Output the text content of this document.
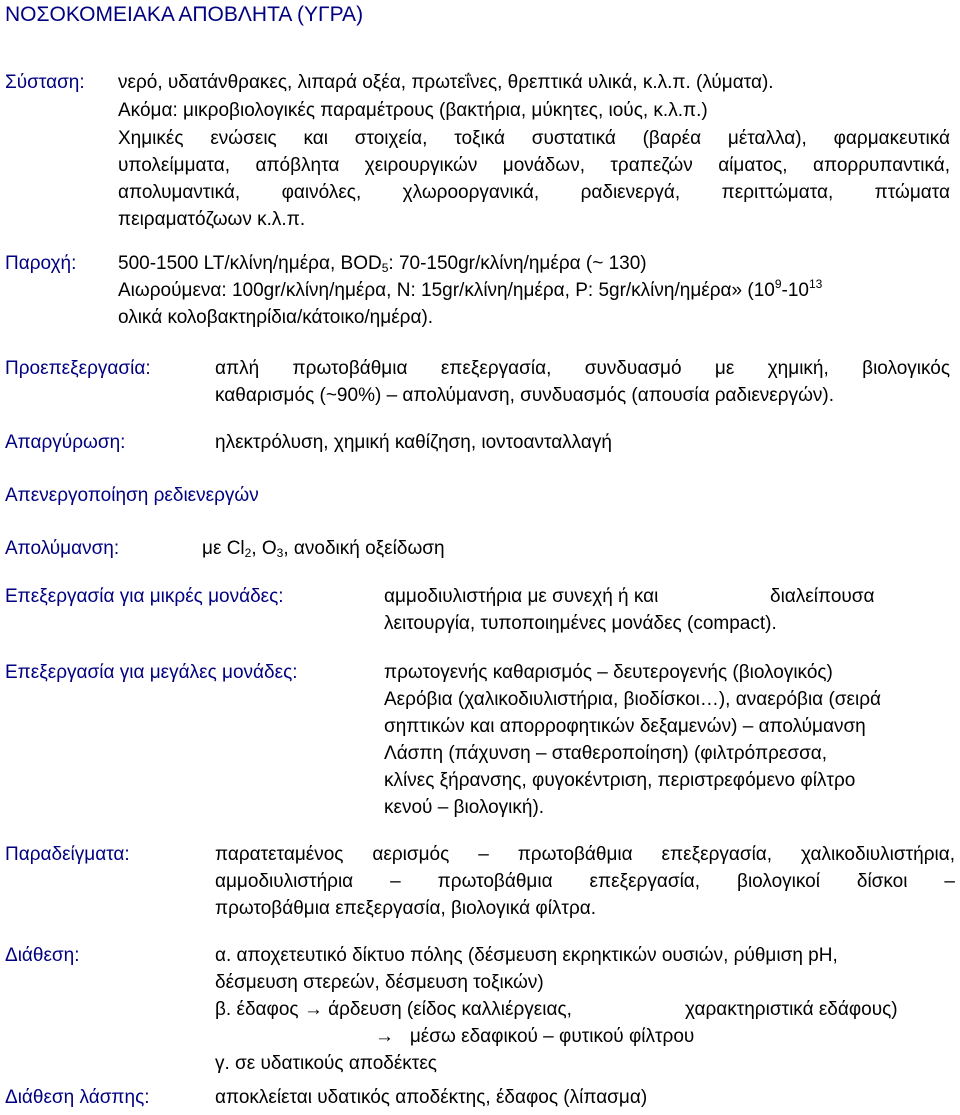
ΝΟΣΟΚΟΜΕΙΑΚΑ ΑΠΟΒΛΗΤΑ (ΥΓΡΑ)
Σύσταση: νερό, υδατάνθρακες, λιπαρά οξέα, πρωτεΐνες, θρεπτικά υλικά, κ.λ.π. (λύματα).
Ακόμα: μικροβιολογικές παραμέτρους (βακτήρια, μύκητες, ιούς, κ.λ.π.)
Χημικές ενώσεις και στοιχεία, τοξικά συστατικά (βαρέα μέταλλα), φαρμακευτικά
υπολείμματα, απόβλητα χειρουργικών μονάδων, τραπεζών αίματος, απορρυπαντικά,
απολυμαντικά, φαινόλες, χλωροοργανικά, ραδιενεργά, περιττώματα, πτώματα
πειραματόζωων κ.λ.π.
Παροχή: 500-1500 LT/κλίνη/ημέρα, $BOD_5$: 70-150gr/κλίνη/ημέρα (~ 130)
Αιωρούμενα: 100gr/κλίνη/ημέρα, Ν: 15gr/κλίνη/ημέρα, Ρ: 5gr/κλίνη/ημέρα» ($10^9-10^{13}$
ολικά κολοβακτηρίδια/κάτοικο/ημέρα).
Προεπεξεργασία:	απλή πρωτοβάθμια επεξεργασία, συνδυασμό με χημική, βιολογικός
καθαρισμός (~90%) – απολύμανση, συνδυασμός (απουσία ραδιενεργών).
Απαργύρωση:	ηλεκτρόλυση, χημική καθίζηση, ιοντοανταλλαγή
Απενεργοποίηση ρεδιενεργών
Απολύμανση:	με $Cl_2$, $O_3$, ανοδική οξείδωση
Επεξεργασία για μικρές μονάδες:	αμμοδιυλιστήρια με συνεχή ή και	διαλείπουσα
λειτουργία, τυποποιημένες μονάδες (compact).
Επεξεργασία για μεγάλες μονάδες:	πρωτογενής καθαρισμός – δευτερογενής (βιολογικός)
Αερόβια (χαλικοδιυλιστήρια, βιοδίσκοι…), αναερόβια (σειρά
σηπτικών και απορροφητικών δεξαμενών) – απολύμανση
Λάσπη (πάχυνση – σταθεροποίηση) (φιλτρόπρεσσα,
κλίνες ξήρανσης, φυγοκέντριση, περιστρεφόμενο φίλτρο
κενού – βιολογική).
Παραδείγματα:	παρατεταμένος αερισμός – πρωτοβάθμια επεξεργασία, χαλικοδιυλιστήρια,
αμμοδιυλιστήρια – πρωτοβάθμια επεξεργασία, βιολογικοί δίσκοι –
πρωτοβάθμια επεξεργασία, βιολογικά φίλτρα.
Διάθεση:	α. αποχετευτικό δίκτυο πόλης (δέσμευση εκρηκτικών ουσιών, ρύθμιση pH,
δέσμευση στερεών, δέσμευση τοξικών)
β. έδαφος → άρδευση (είδος καλλιέργειας,	χαρακτηριστικά εδάφους)
→ μέσω εδαφικού – φυτικού φίλτρου
γ. σε υδατικούς αποδέκτες
Διάθεση λάσπης:	αποκλείεται υδατικός αποδέκτης, έδαφος (λίπασμα)
